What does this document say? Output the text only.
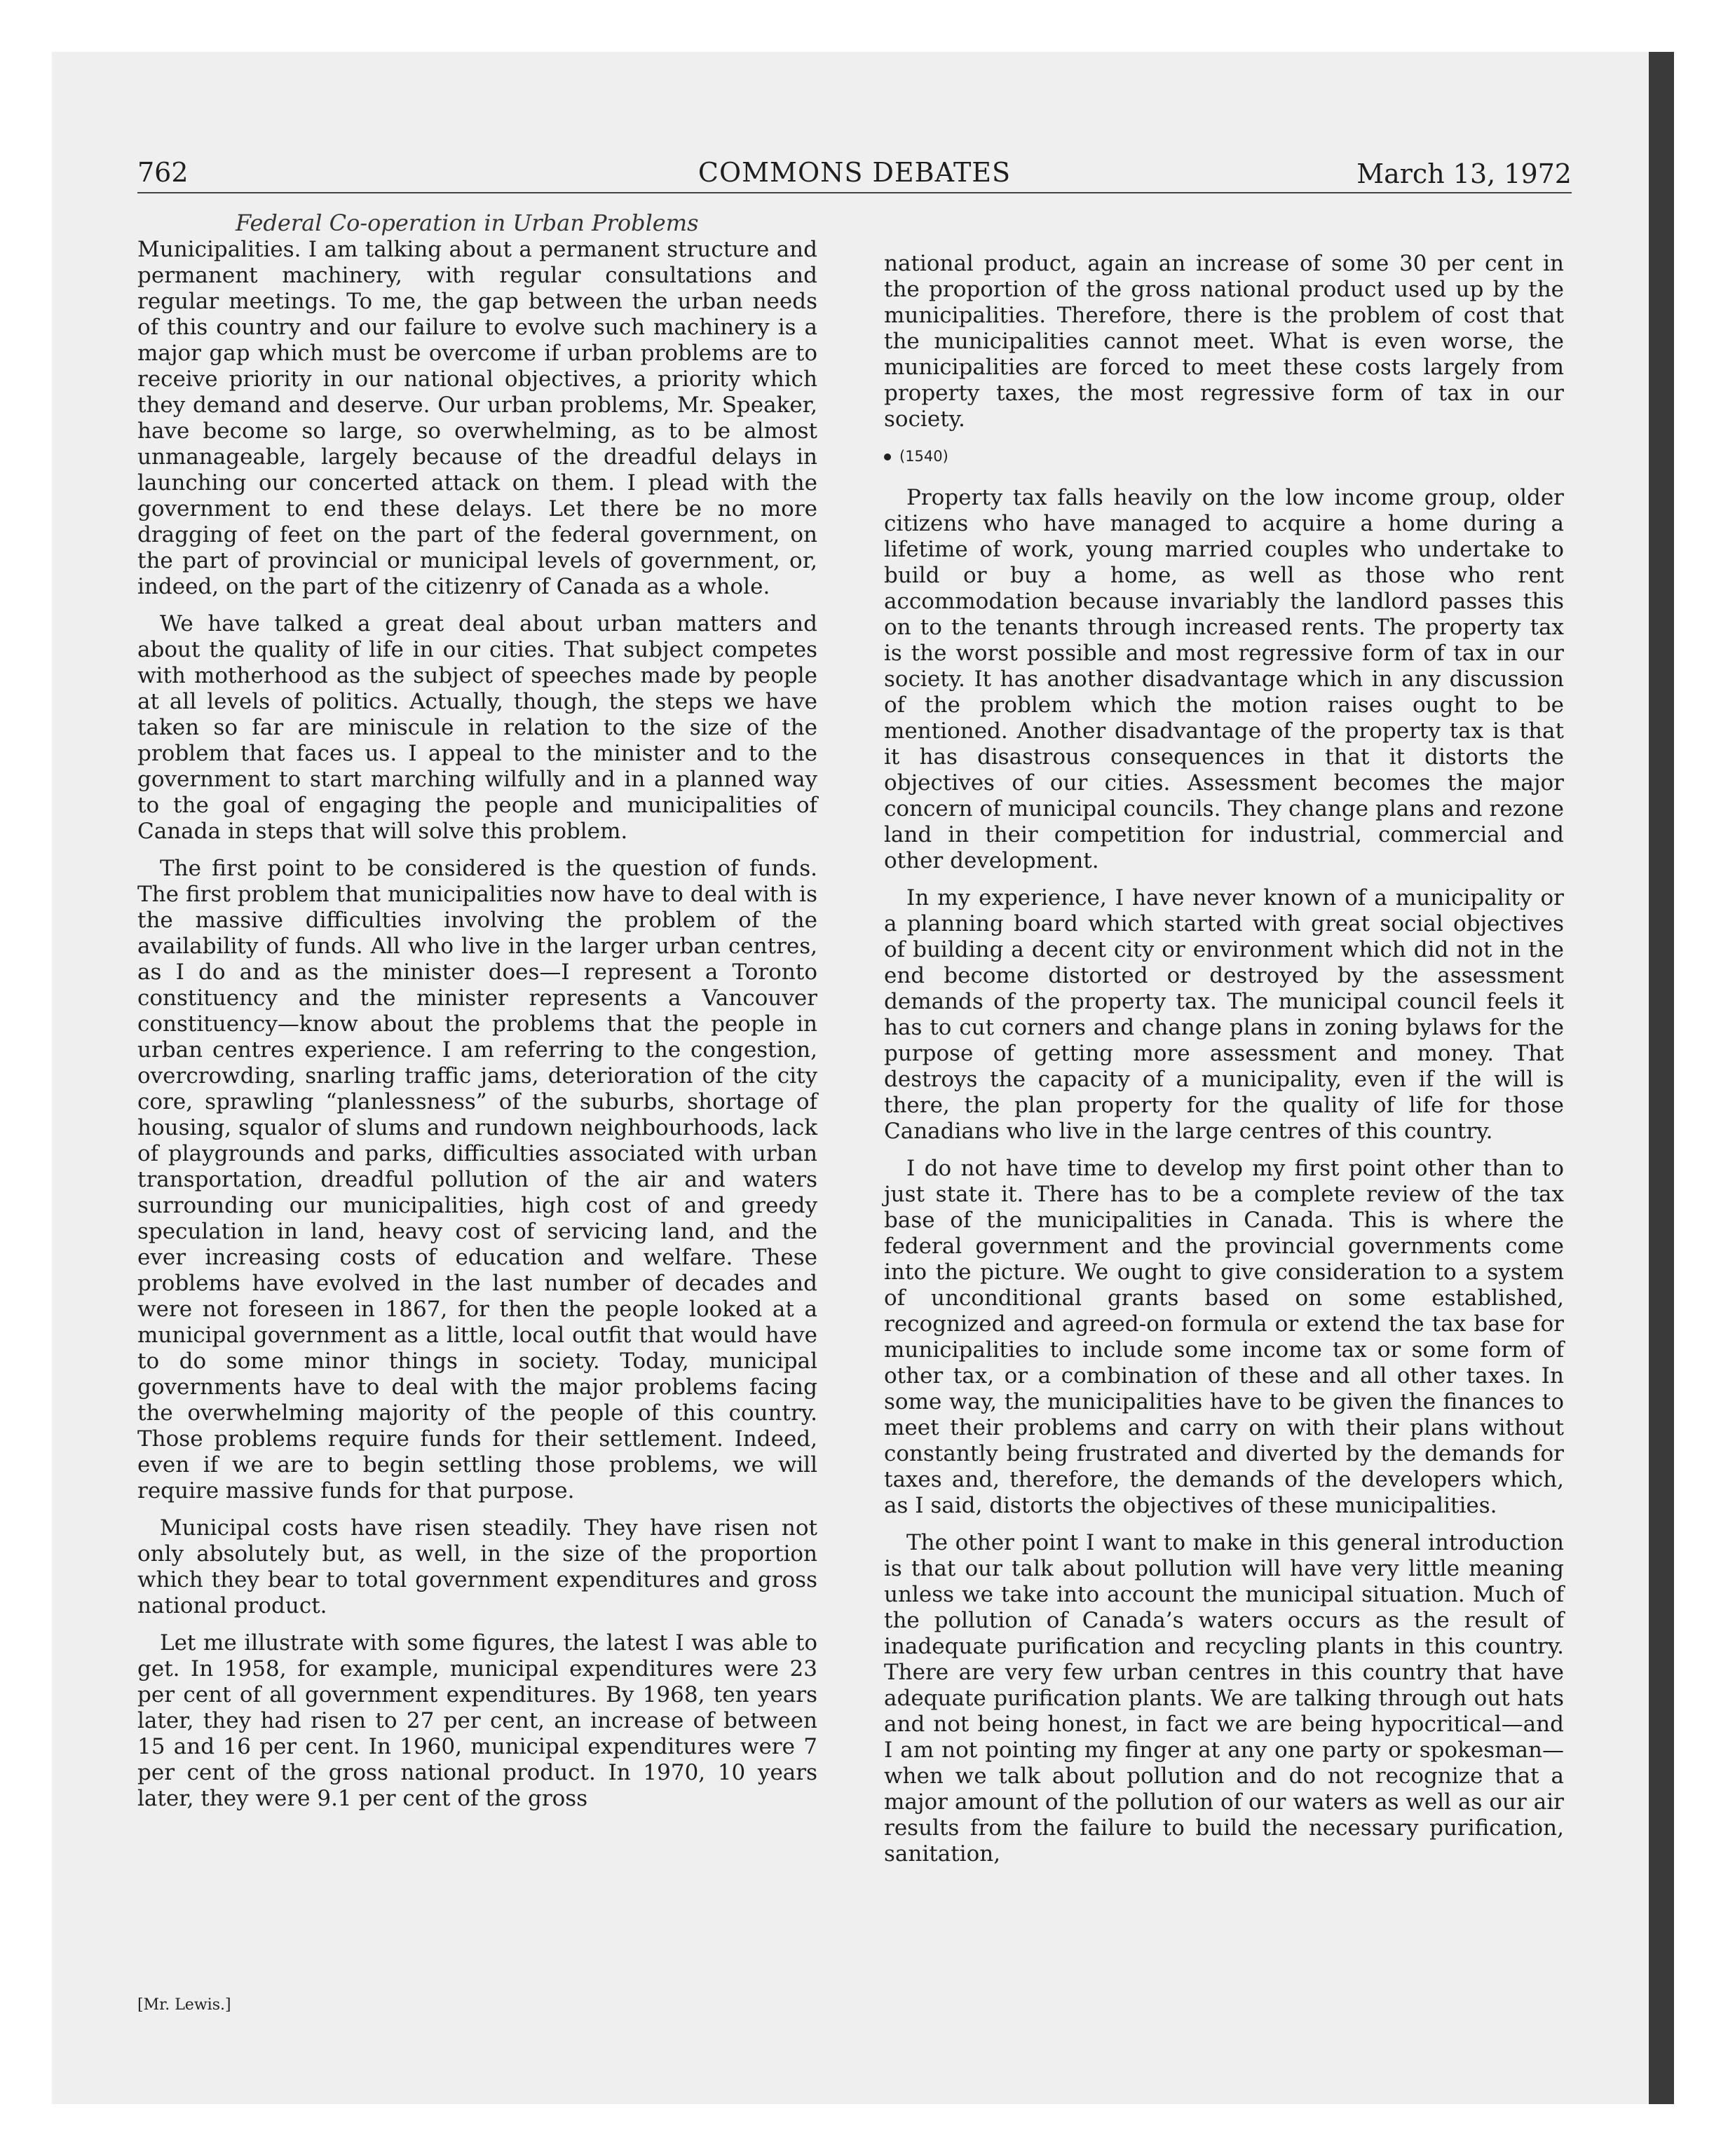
762	COMMONS DEBATES	March 13, 1972
Federal Co-operation in Urban Problems

Municipalities. I am talking about a permanent structure and permanent machinery, with regular consultations and regular meetings. To me, the gap between the urban needs of this country and our failure to evolve such machinery is a major gap which must be overcome if urban problems are to receive priority in our national objectives, a priority which they demand and deserve. Our urban problems, Mr. Speaker, have become so large, so overwhelming, as to be almost unmanageable, largely because of the dreadful delays in launching our concerted attack on them. I plead with the government to end these delays. Let there be no more dragging of feet on the part of the federal government, on the part of provincial or municipal levels of government, or, indeed, on the part of the citizenry of Canada as a whole.

We have talked a great deal about urban matters and about the quality of life in our cities. That subject competes with motherhood as the subject of speeches made by people at all levels of politics. Actually, though, the steps we have taken so far are miniscule in relation to the size of the problem that faces us. I appeal to the minister and to the government to start marching wilfully and in a planned way to the goal of engaging the people and municipalities of Canada in steps that will solve this problem.

The first point to be considered is the question of funds. The first problem that municipalities now have to deal with is the massive difficulties involving the problem of the availability of funds. All who live in the larger urban centres, as I do and as the minister does—I represent a Toronto constituency and the minister represents a Vancouver constituency—know about the problems that the people in urban centres experience. I am referring to the congestion, overcrowding, snarling traffic jams, deterioration of the city core, sprawling “planlessness” of the suburbs, shortage of housing, squalor of slums and rundown neighbourhoods, lack of playgrounds and parks, difficulties associated with urban transportation, dreadful pollution of the air and waters surrounding our municipalities, high cost of and greedy speculation in land, heavy cost of servicing land, and the ever increasing costs of education and welfare. These problems have evolved in the last number of decades and were not foreseen in 1867, for then the people looked at a municipal government as a little, local outfit that would have to do some minor things in society. Today, municipal governments have to deal with the major problems facing the overwhelming majority of the people of this country. Those problems require funds for their settlement. Indeed, even if we are to begin settling those problems, we will require massive funds for that purpose.

Municipal costs have risen steadily. They have risen not only absolutely but, as well, in the size of the proportion which they bear to total government expenditures and gross national product.

Let me illustrate with some figures, the latest I was able to get. In 1958, for example, municipal expenditures were 23 per cent of all government expenditures. By 1968, ten years later, they had risen to 27 per cent, an increase of between 15 and 16 per cent. In 1960, municipal expenditures were 7 per cent of the gross national product. In 1970, 10 years later, they were 9.1 per cent of the gross

national product, again an increase of some 30 per cent in the proportion of the gross national product used up by the municipalities. Therefore, there is the problem of cost that the municipalities cannot meet. What is even worse, the municipalities are forced to meet these costs largely from property taxes, the most regressive form of tax in our society.

(1540)

Property tax falls heavily on the low income group, older citizens who have managed to acquire a home during a lifetime of work, young married couples who undertake to build or buy a home, as well as those who rent accommodation because invariably the landlord passes this on to the tenants through increased rents. The property tax is the worst possible and most regressive form of tax in our society. It has another disadvantage which in any discussion of the problem which the motion raises ought to be mentioned. Another disadvantage of the property tax is that it has disastrous consequences in that it distorts the objectives of our cities. Assessment becomes the major concern of municipal councils. They change plans and rezone land in their competition for industrial, commercial and other development.

In my experience, I have never known of a municipality or a planning board which started with great social objectives of building a decent city or environment which did not in the end become distorted or destroyed by the assessment demands of the property tax. The municipal council feels it has to cut corners and change plans in zoning bylaws for the purpose of getting more assessment and money. That destroys the capacity of a municipality, even if the will is there, the plan property for the quality of life for those Canadians who live in the large centres of this country.

I do not have time to develop my first point other than to just state it. There has to be a complete review of the tax base of the municipalities in Canada. This is where the federal government and the provincial governments come into the picture. We ought to give consideration to a system of unconditional grants based on some established, recognized and agreed-on formula or extend the tax base for municipalities to include some income tax or some form of other tax, or a combination of these and all other taxes. In some way, the municipalities have to be given the finances to meet their problems and carry on with their plans without constantly being frustrated and diverted by the demands for taxes and, therefore, the demands of the developers which, as I said, distorts the objectives of these municipalities.

The other point I want to make in this general introduction is that our talk about pollution will have very little meaning unless we take into account the municipal situation. Much of the pollution of Canada’s waters occurs as the result of inadequate purification and recycling plants in this country. There are very few urban centres in this country that have adequate purification plants. We are talking through out hats and not being honest, in fact we are being hypocritical—and I am not pointing my finger at any one party or spokesman—when we talk about pollution and do not recognize that a major amount of the pollution of our waters as well as our air results from the failure to build the necessary purification, sanitation,

[Mr. Lewis.]
